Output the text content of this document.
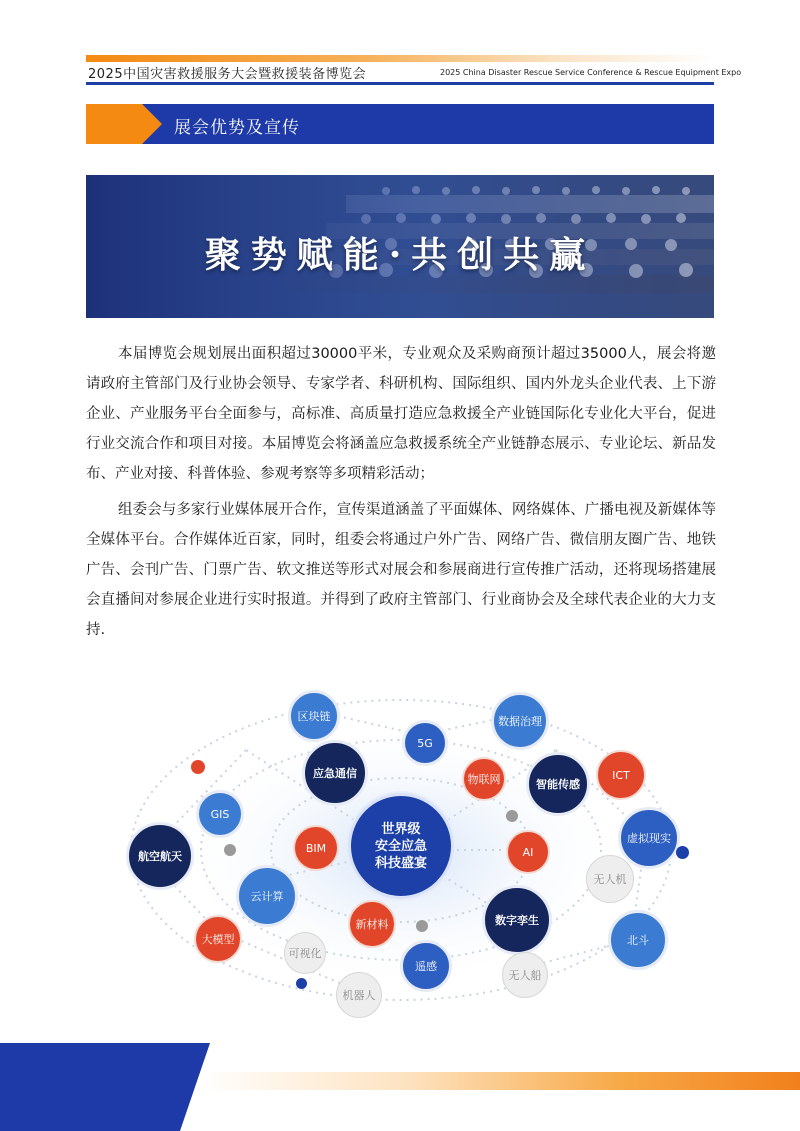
2025中国灾害救援服务大会暨救援装备博览会	2025 China Disaster Rescue Service Conference & Rescue Equipment Expo
展会优势及宣传
聚势赋能·共创共赢
本届博览会规划展出面积超过30000平米，专业观众及采购商预计超过35000人，展会将邀请政府主管部门及行业协会领导、专家学者、科研机构、国际组织、国内外龙头企业代表、上下游企业、产业服务平台全面参与，高标准、高质量打造应急救援全产业链国际化专业化大平台，促进行业交流合作和项目对接。本届博览会将涵盖应急救援系统全产业链静态展示、专业论坛、新品发布、产业对接、科普体验、参观考察等多项精彩活动；
组委会与多家行业媒体展开合作，宣传渠道涵盖了平面媒体、网络媒体、广播电视及新媒体等全媒体平台。合作媒体近百家，同时，组委会将通过户外广告、网络广告、微信朋友圈广告、地铁广告、会刊广告、门票广告、软文推送等形式对展会和参展商进行宣传推广活动，还将现场搭建展会直播间对参展企业进行实时报道。并得到了政府主管部门、行业商协会及全球代表企业的大力支持.
世界级
安全应急
科技盛宴
区块链
5G
数据治理
应急通信	物联网	智能传感
ICT
GIS
BIM
虚拟现实
航空航天	AI
无人机
云计算
数字孪生
新材料
大模型
可视化
北斗
遥感
无人船
机器人
